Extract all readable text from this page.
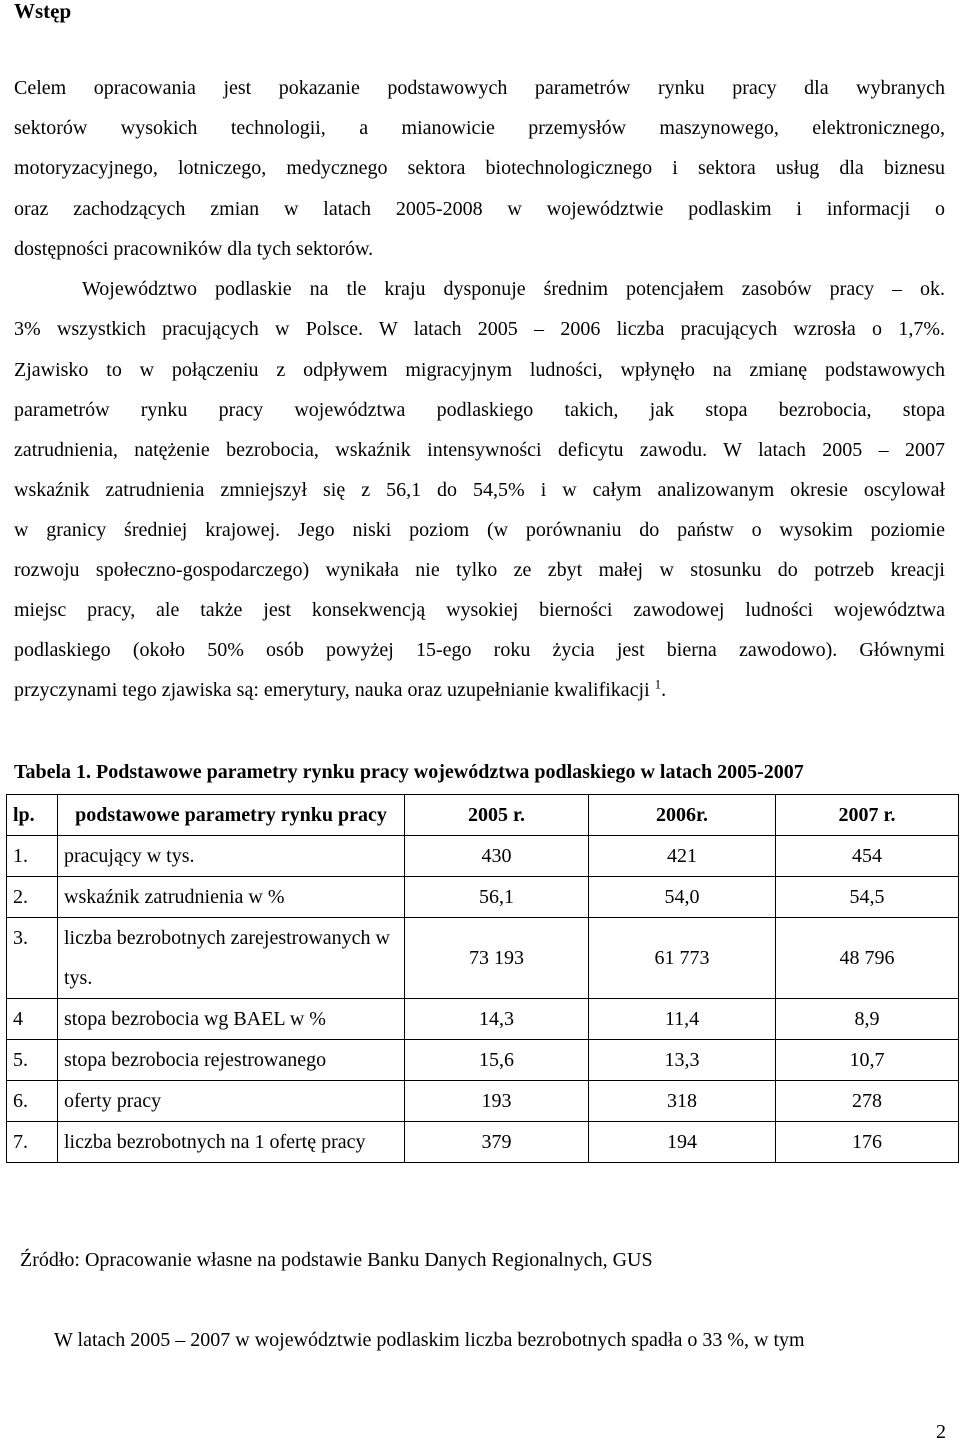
Wstęp
Celem opracowania jest pokazanie podstawowych parametrów rynku pracy dla wybranych
sektorów wysokich technologii, a mianowicie przemysłów maszynowego, elektronicznego,
motoryzacyjnego, lotniczego, medycznego sektora biotechnologicznego i sektora usług dla biznesu
oraz zachodzących zmian w latach 2005-2008 w województwie podlaskim i informacji o
dostępności pracowników dla tych sektorów.
Województwo podlaskie na tle kraju dysponuje średnim potencjałem zasobów pracy – ok.
3% wszystkich pracujących w Polsce. W latach 2005 – 2006 liczba pracujących wzrosła o 1,7%.
Zjawisko to w połączeniu z odpływem migracyjnym ludności, wpłynęło na zmianę podstawowych
parametrów rynku pracy województwa podlaskiego takich, jak stopa bezrobocia, stopa
zatrudnienia, natężenie bezrobocia, wskaźnik intensywności deficytu zawodu. W latach 2005 – 2007
wskaźnik zatrudnienia zmniejszył się z 56,1 do 54,5% i w całym analizowanym okresie oscylował
w granicy średniej krajowej. Jego niski poziom (w porównaniu do państw o wysokim poziomie
rozwoju społeczno-gospodarczego) wynikała nie tylko ze zbyt małej w stosunku do potrzeb kreacji
miejsc pracy, ale także jest konsekwencją wysokiej bierności zawodowej ludności województwa
podlaskiego (około 50% osób powyżej 15-ego roku życia jest bierna zawodowo). Głównymi
przyczynami tego zjawiska są: emerytury, nauka oraz uzupełnianie kwalifikacji $^1$.

Tabela 1. Podstawowe parametry rynku pracy województwa podlaskiego w latach 2005-2007

lp.	podstawowe parametry rynku pracy	2005 r.	2006r.	2007 r.
1.	pracujący w tys.	430	421	454
2.	wskaźnik zatrudnienia w %	56,1	54,0	54,5
3.	liczba bezrobotnych zarejestrowanych w tys.	73 193	61 773	48 796
4	stopa bezrobocia wg BAEL w %	14,3	11,4	8,9
5.	stopa bezrobocia rejestrowanego	15,6	13,3	10,7
6.	oferty pracy	193	318	278
7.	liczba bezrobotnych na 1 ofertę pracy	379	194	176

Źródło: Opracowanie własne na podstawie Banku Danych Regionalnych, GUS

W latach 2005 – 2007 w województwie podlaskim liczba bezrobotnych spadła o 33 %, w tym

2
